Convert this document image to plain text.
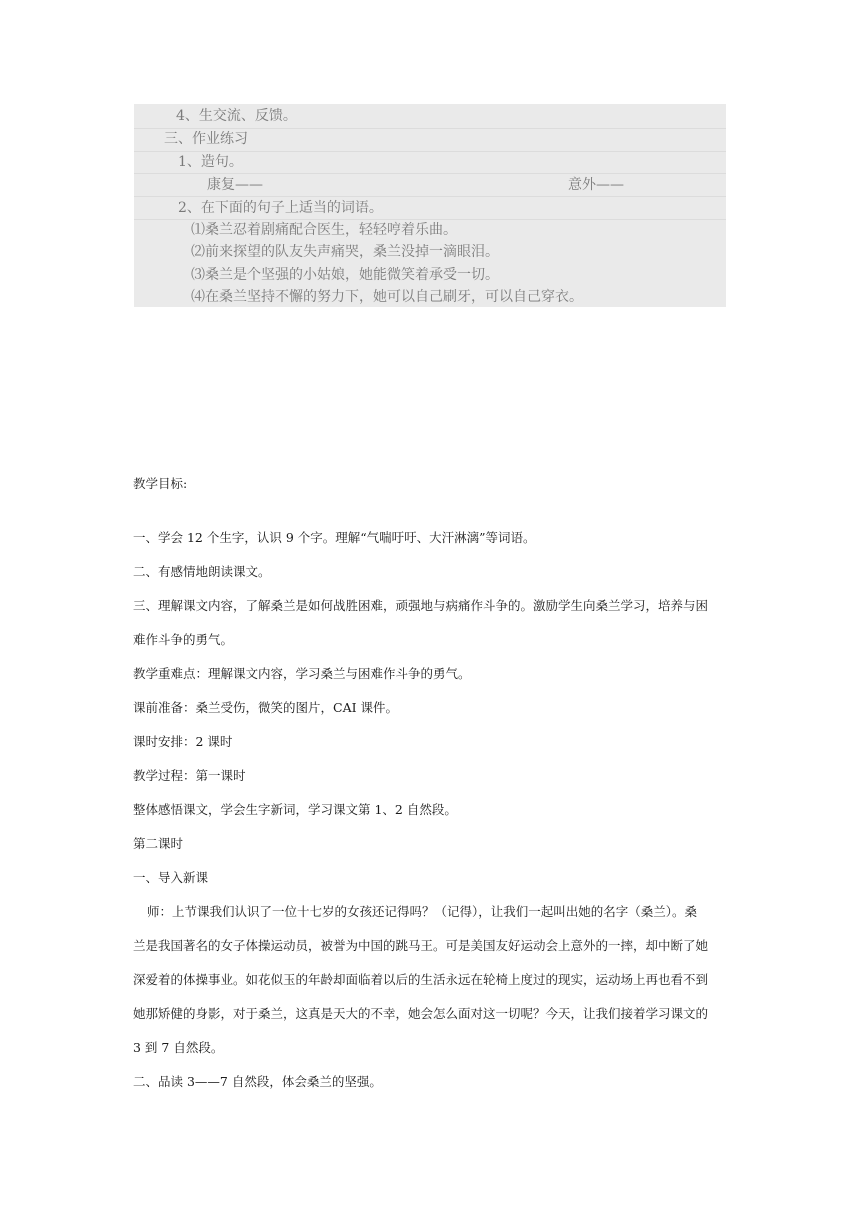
4、生交流、反馈。
三、作业练习
1、造句。
康复——	意外——
2、在下面的句子上适当的词语。
⑴桑兰忍着剧痛配合医生，轻轻哼着乐曲。
⑵前来探望的队友失声痛哭，桑兰没掉一滴眼泪。
⑶桑兰是个坚强的小姑娘，她能微笑着承受一切。
⑷在桑兰坚持不懈的努力下，她可以自己刷牙，可以自己穿衣。
教学目标:
一、学会 12 个生字，认识 9 个字。理解“气喘吁吁、大汗淋漓”等词语。
二、有感情地朗读课文。
三、理解课文内容，了解桑兰是如何战胜困难，顽强地与病痛作斗争的。激励学生向桑兰学习，培养与困
难作斗争的勇气。
教学重难点：理解课文内容，学习桑兰与困难作斗争的勇气。
课前准备：桑兰受伤，微笑的图片，CAI 课件。
课时安排：2 课时
教学过程：第一课时
整体感悟课文，学会生字新词，学习课文第 1、2 自然段。
第二课时
一、导入新课
师：上节课我们认识了一位十七岁的女孩还记得吗？（记得），让我们一起叫出她的名字（桑兰）。桑
兰是我国著名的女子体操运动员，被誉为中国的跳马王。可是美国友好运动会上意外的一摔，却中断了她
深爱着的体操事业。如花似玉的年龄却面临着以后的生活永远在轮椅上度过的现实，运动场上再也看不到
她那矫健的身影，对于桑兰，这真是天大的不幸，她会怎么面对这一切呢？今天，让我们接着学习课文的
3 到 7 自然段。
二、品读 3——7 自然段，体会桑兰的坚强。
